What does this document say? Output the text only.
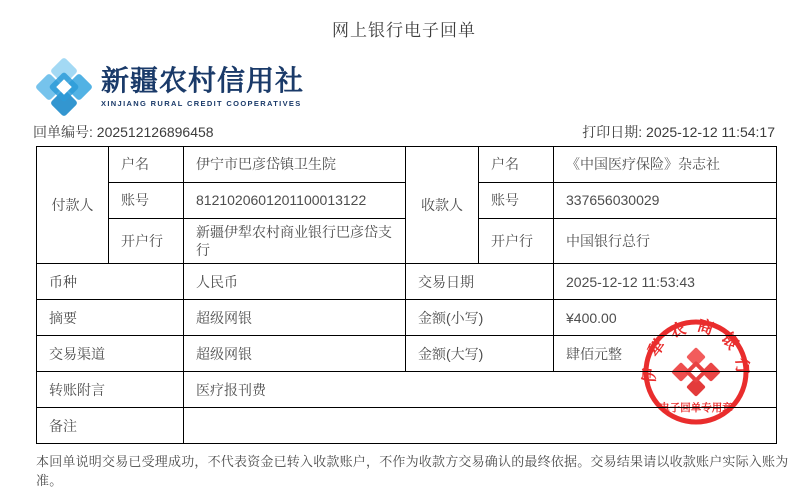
网上银行电子回单
新疆农村信用社
XINJIANG RURAL CREDIT COOPERATIVES
回单编号: 202512126896458	打印日期: 2025-12-12 11:54:17
付款人	户名	伊宁市巴彦岱镇卫生院	收款人	户名	《中国医疗保险》杂志社
	账号	8121020601201100013122		账号	337656030029
	开户行	新疆伊犁农村商业银行巴彦岱支行		开户行	中国银行总行
币种		人民币	交易日期		2025-12-12 11:53:43
摘要		超级网银	金额(小写)		¥400.00
交易渠道		超级网银	金额(大写)		肆佰元整
转账附言		医疗报刊费			
备注					
伊犁农商银行
电子回单专用章
本回单说明交易已受理成功，不代表资金已转入收款账户，不作为收款方交易确认的最终依据。交易结果请以收款账户实际入账为准。
